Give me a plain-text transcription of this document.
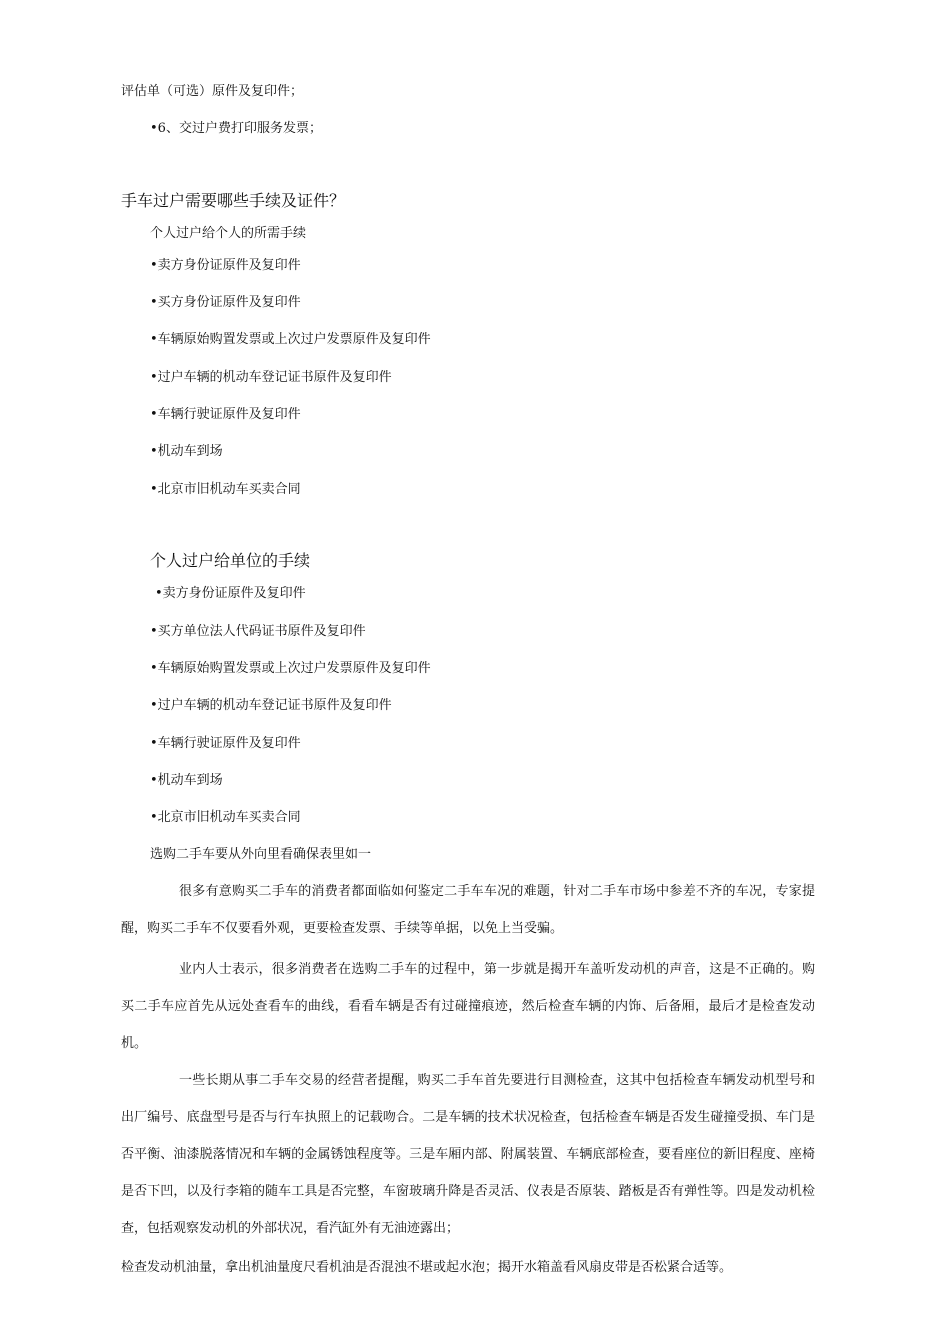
评估单（可选）原件及复印件；
•6、交过户费打印服务发票；
手车过户需要哪些手续及证件？
个人过户给个人的所需手续
•卖方身份证原件及复印件
•买方身份证原件及复印件
•车辆原始购置发票或上次过户发票原件及复印件
•过户车辆的机动车登记证书原件及复印件
•车辆行驶证原件及复印件
•机动车到场
•北京市旧机动车买卖合同
个人过户给单位的手续
•卖方身份证原件及复印件
•买方单位法人代码证书原件及复印件
•车辆原始购置发票或上次过户发票原件及复印件
•过户车辆的机动车登记证书原件及复印件
•车辆行驶证原件及复印件
•机动车到场
•北京市旧机动车买卖合同
选购二手车要从外向里看确保表里如一
很多有意购买二手车的消费者都面临如何鉴定二手车车况的难题，针对二手车市场中参差不齐的车况，专家提醒，购买二手车不仅要看外观，更要检查发票、手续等单据，以免上当受骗。
业内人士表示，很多消费者在选购二手车的过程中，第一步就是揭开车盖听发动机的声音，这是不正确的。购买二手车应首先从远处查看车的曲线，看看车辆是否有过碰撞痕迹，然后检查车辆的内饰、后备厢，最后才是检查发动机。
一些长期从事二手车交易的经营者提醒，购买二手车首先要进行目测检查，这其中包括检查车辆发动机型号和出厂编号、底盘型号是否与行车执照上的记载吻合。二是车辆的技术状况检查，包括检查车辆是否发生碰撞受损、车门是否平衡、油漆脱落情况和车辆的金属锈蚀程度等。三是车厢内部、附属装置、车辆底部检查，要看座位的新旧程度、座椅是否下凹，以及行李箱的随车工具是否完整，车窗玻璃升降是否灵活、仪表是否原装、踏板是否有弹性等。四是发动机检查，包括观察发动机的外部状况，看汽缸外有无油迹露出；
检查发动机油量，拿出机油量度尺看机油是否混浊不堪或起水泡；揭开水箱盖看风扇皮带是否松紧合适等。
